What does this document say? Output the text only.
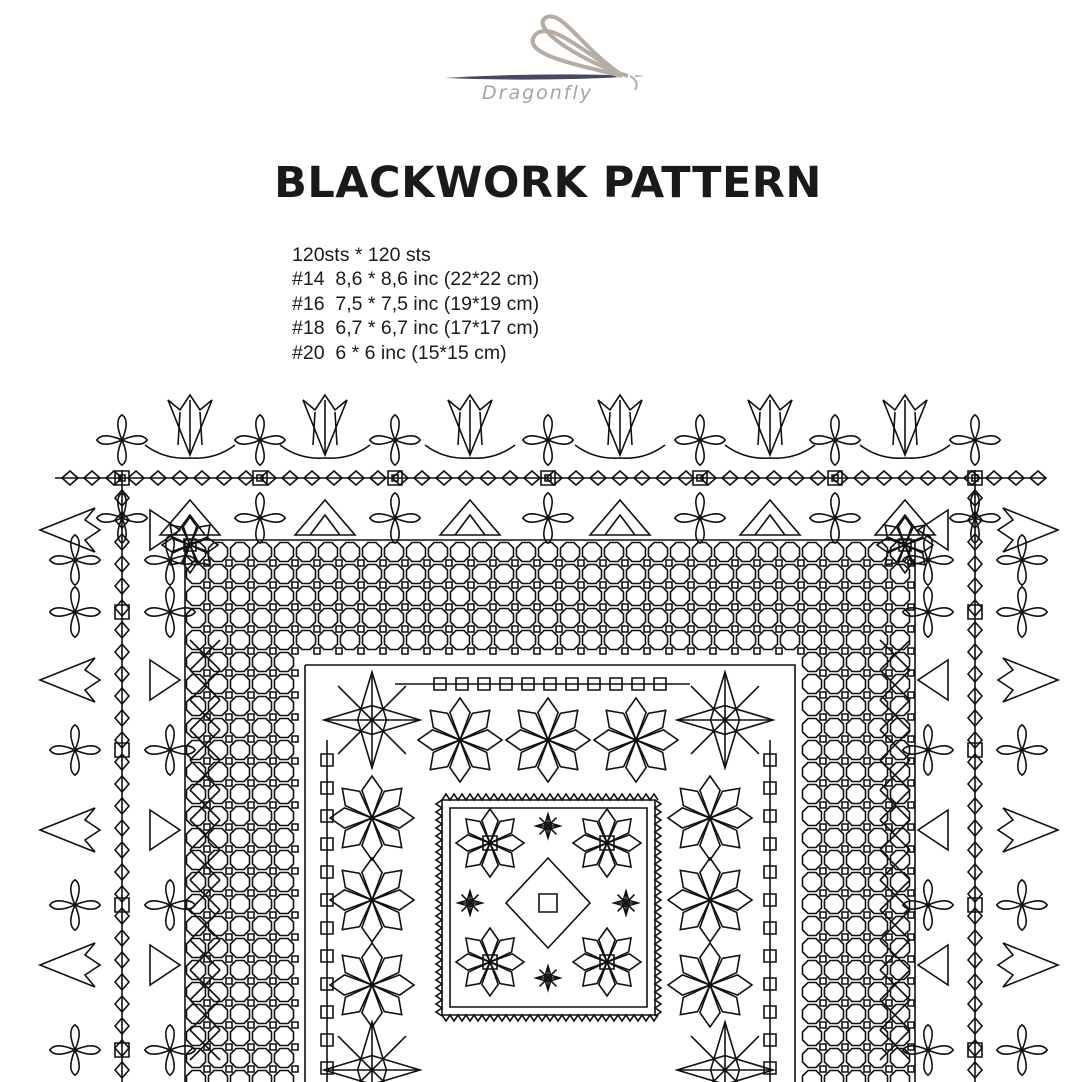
Dragonfly
BLACKWORK PATTERN
120sts * 120 sts
#14  8,6 * 8,6 inc (22*22 cm)
#16  7,5 * 7,5 inc (19*19 cm)
#18  6,7 * 6,7 inc (17*17 cm)
#20  6 * 6 inc (15*15 cm)
